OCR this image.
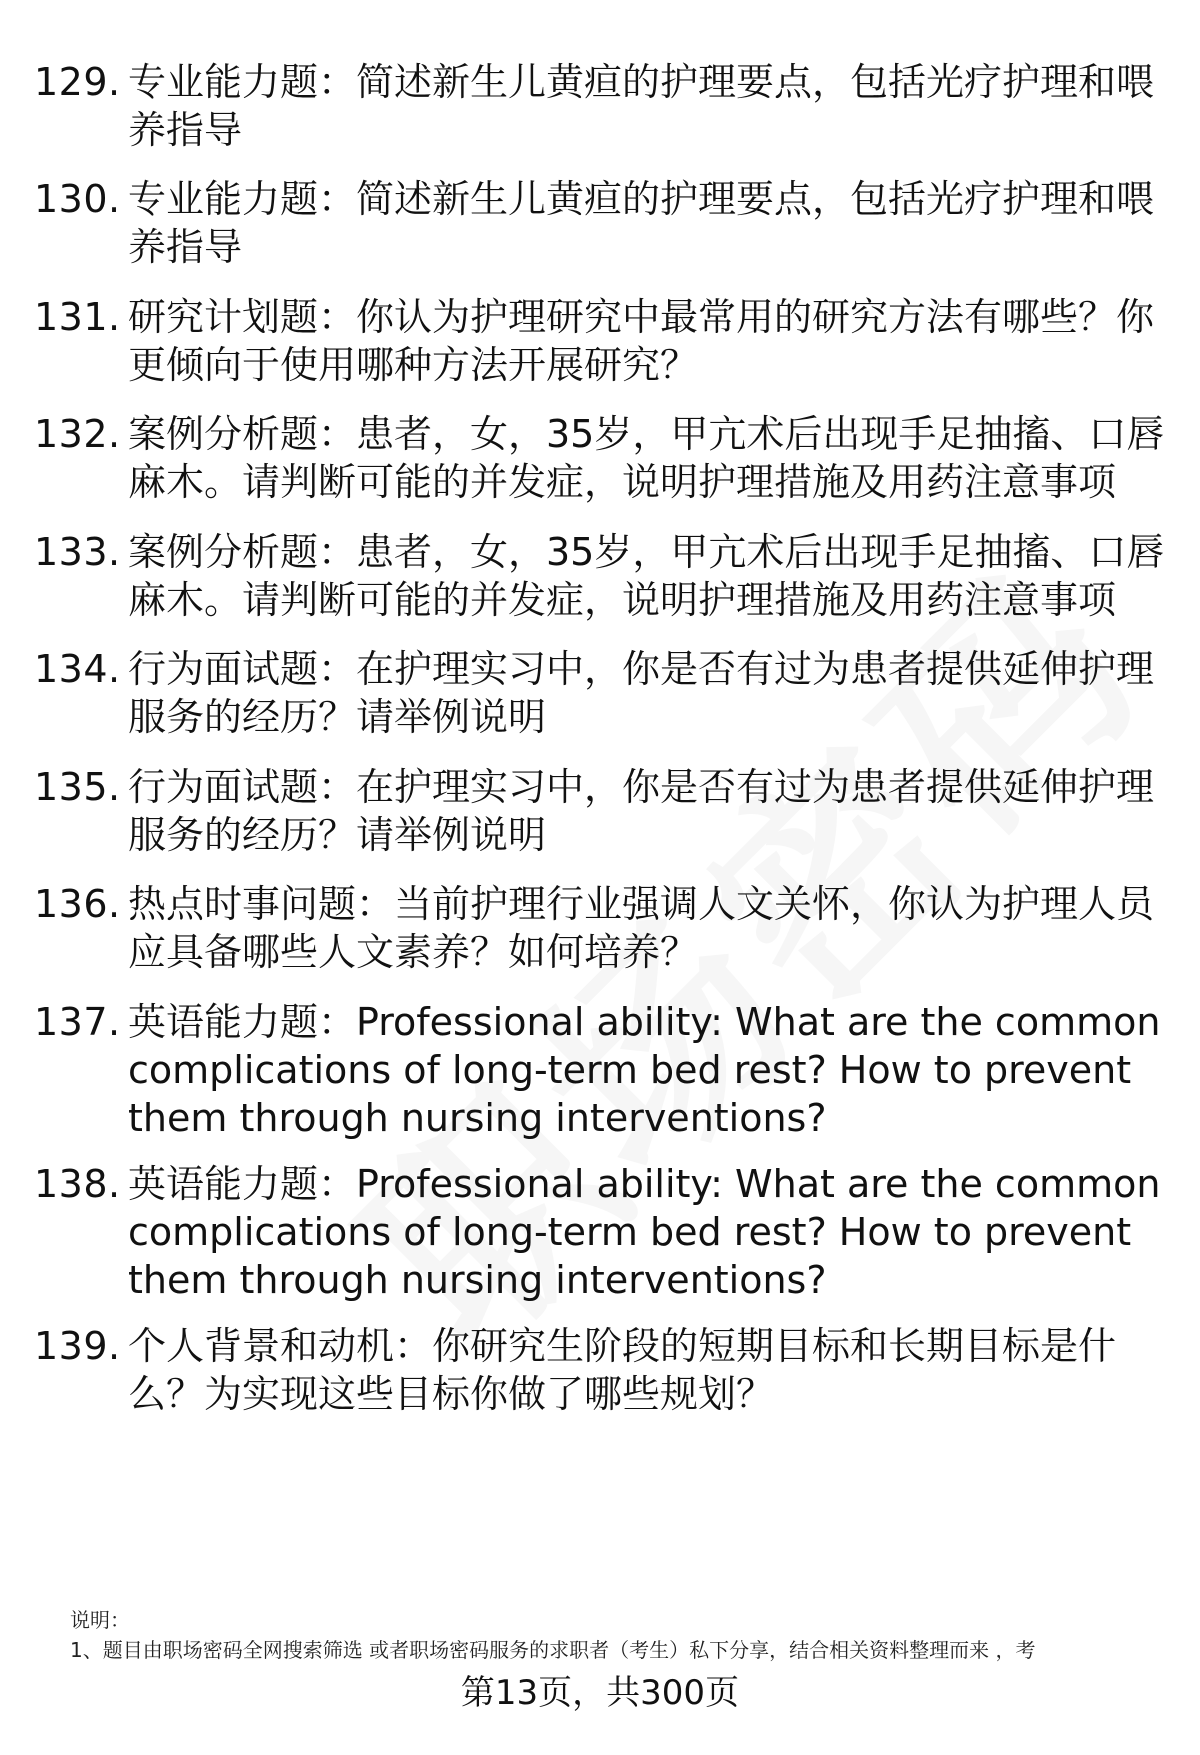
129. 专业能力题：简述新生儿黄疸的护理要点，包括光疗护理和喂养指导
130. 专业能力题：简述新生儿黄疸的护理要点，包括光疗护理和喂养指导
131. 研究计划题：你认为护理研究中最常用的研究方法有哪些？你更倾向于使用哪种方法开展研究？
132. 案例分析题：患者，女，35岁，甲亢术后出现手足抽搐、口唇麻木。请判断可能的并发症，说明护理措施及用药注意事项
133. 案例分析题：患者，女，35岁，甲亢术后出现手足抽搐、口唇麻木。请判断可能的并发症，说明护理措施及用药注意事项
134. 行为面试题：在护理实习中，你是否有过为患者提供延伸护理服务的经历？请举例说明
135. 行为面试题：在护理实习中，你是否有过为患者提供延伸护理服务的经历？请举例说明
136. 热点时事问题：当前护理行业强调人文关怀，你认为护理人员应具备哪些人文素养？如何培养？
137. 英语能力题：Professional ability: What are the common complications of long-term bed rest? How to prevent them through nursing interventions?
138. 英语能力题：Professional ability: What are the common complications of long-term bed rest? How to prevent them through nursing interventions?
139. 个人背景和动机：你研究生阶段的短期目标和长期目标是什么？为实现这些目标你做了哪些规划？
说明：
1、题目由职场密码全网搜索筛选 或者职场密码服务的求职者（考生）私下分享，结合相关资料整理而来 ，考
第13页，共300页
